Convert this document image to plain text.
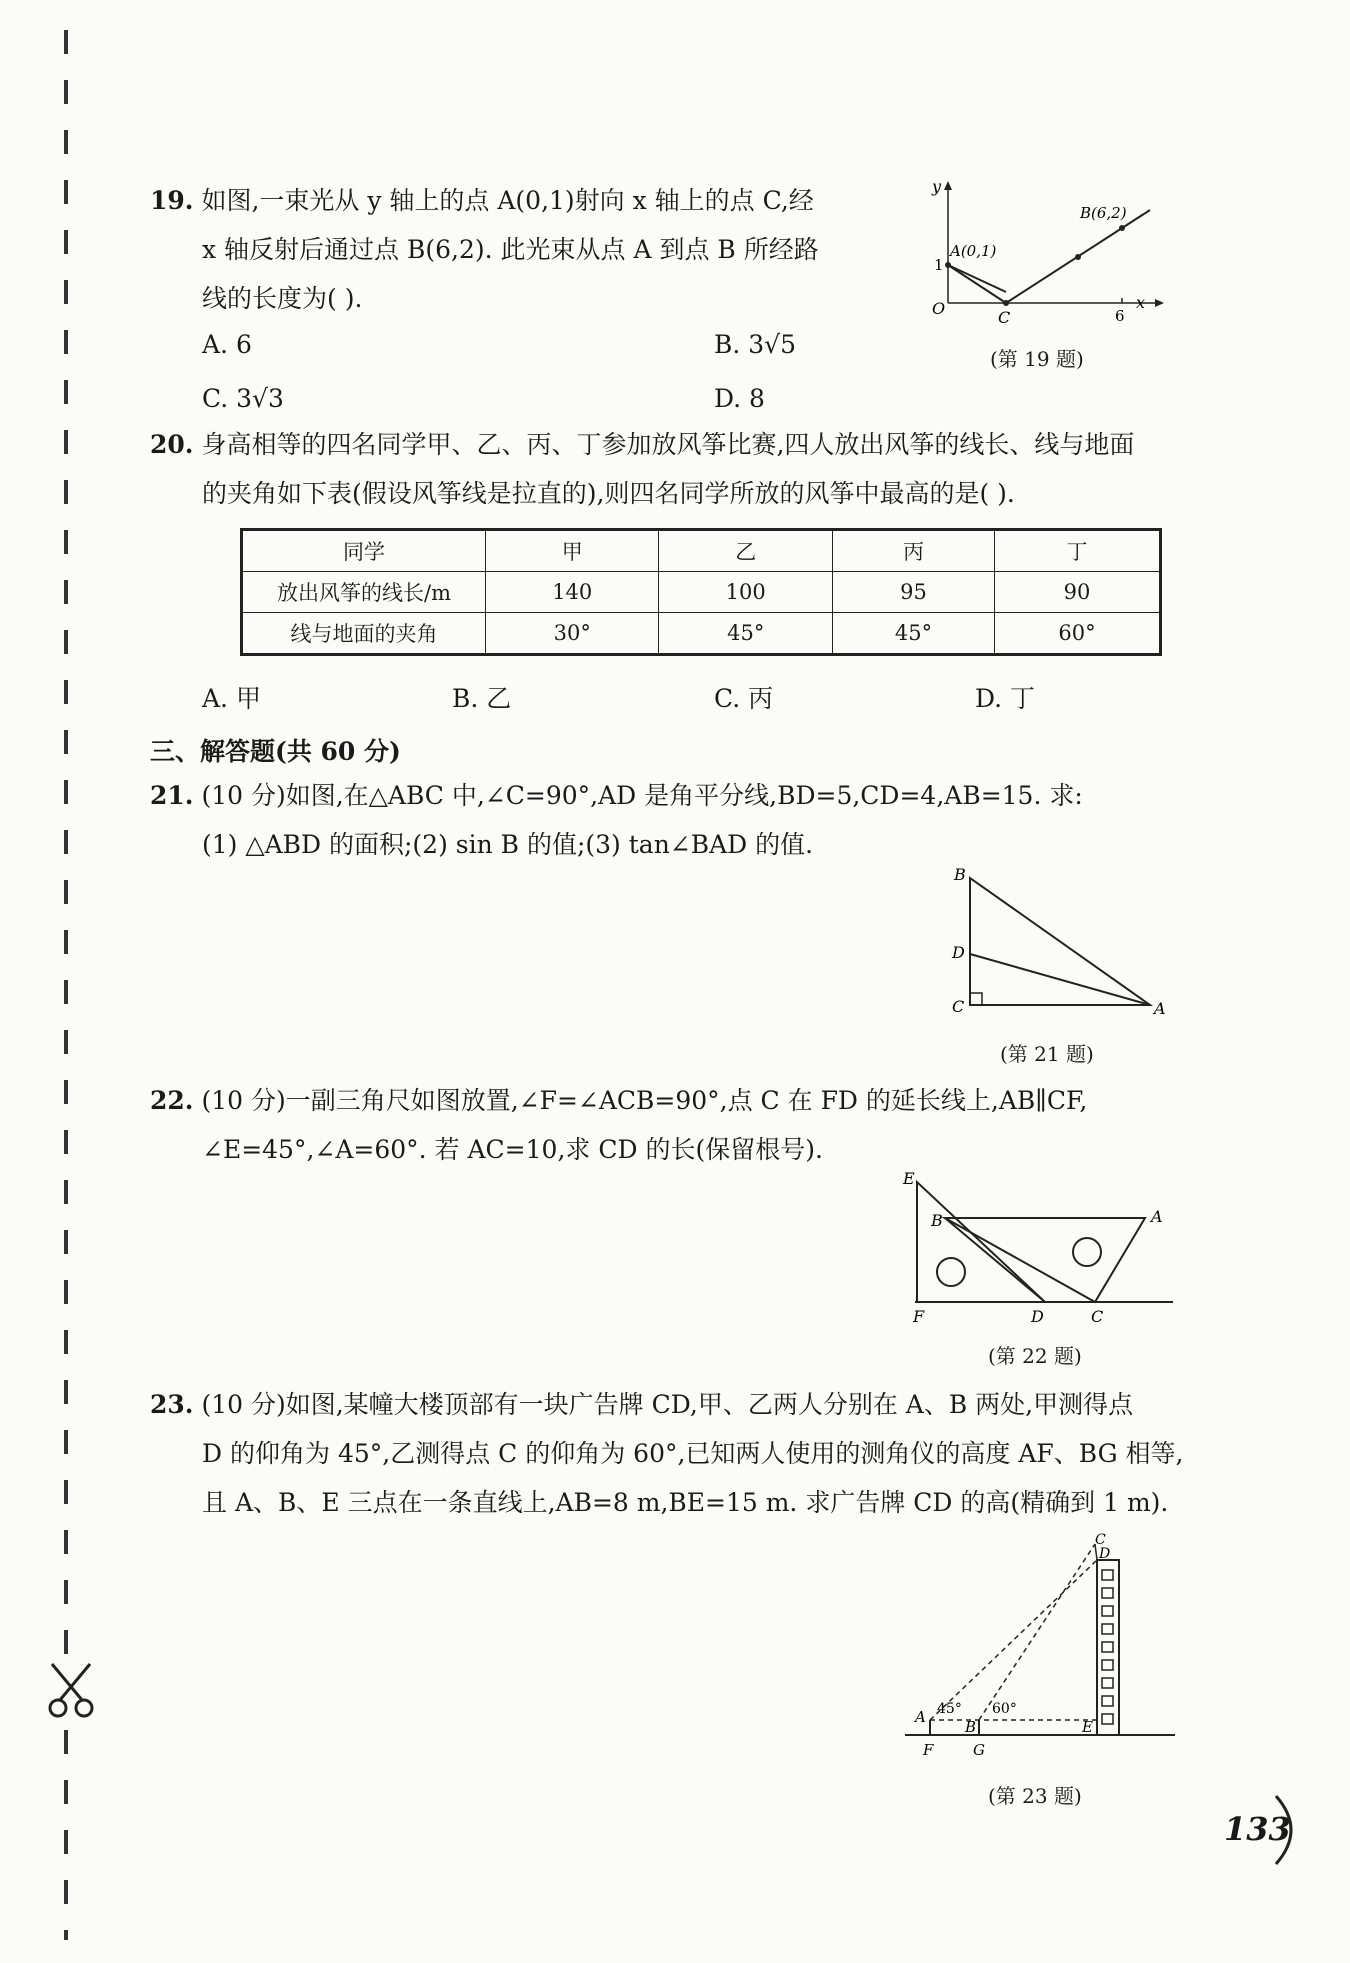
19. 如图,一束光从 y 轴上的点 A(0,1)射向 x 轴上的点 C,经
x 轴反射后通过点 B(6,2). 此光束从点 A 到点 B 所经路
线的长度为( ).
A. 6	B. 3√5
C. 3√3	D. 8
y
x
O
1
A(0,1)
B(6,2)
C	6
(第 19 题)
20. 身高相等的四名同学甲、乙、丙、丁参加放风筝比赛,四人放出风筝的线长、线与地面
的夹角如下表(假设风筝线是拉直的),则四名同学所放的风筝中最高的是( ).
同学	甲	乙	丙	丁
放出风筝的线长/m	140	100	95	90
线与地面的夹角	30°	45°	45°	60°
A. 甲	B. 乙	C. 丙	D. 丁
三、解答题(共 60 分)
21. (10 分)如图,在△ABC 中,∠C=90°,AD 是角平分线,BD=5,CD=4,AB=15. 求:
(1) △ABD 的面积;(2) sin B 的值;(3) tan∠BAD 的值.
B
D
C	A
(第 21 题)
22. (10 分)一副三角尺如图放置,∠F=∠ACB=90°,点 C 在 FD 的延长线上,AB∥CF,
∠E=45°,∠A=60°. 若 AC=10,求 CD 的长(保留根号).
E
B	A
F	D	C
(第 22 题)
23. (10 分)如图,某幢大楼顶部有一块广告牌 CD,甲、乙两人分别在 A、B 两处,甲测得点
D 的仰角为 45°,乙测得点 C 的仰角为 60°,已知两人使用的测角仪的高度 AF、BG 相等,
且 A、B、E 三点在一条直线上,AB=8 m,BE=15 m. 求广告牌 CD 的高(精确到 1 m).
C
D
A
B	E
F	G
45° 60°
(第 23 题)
133
